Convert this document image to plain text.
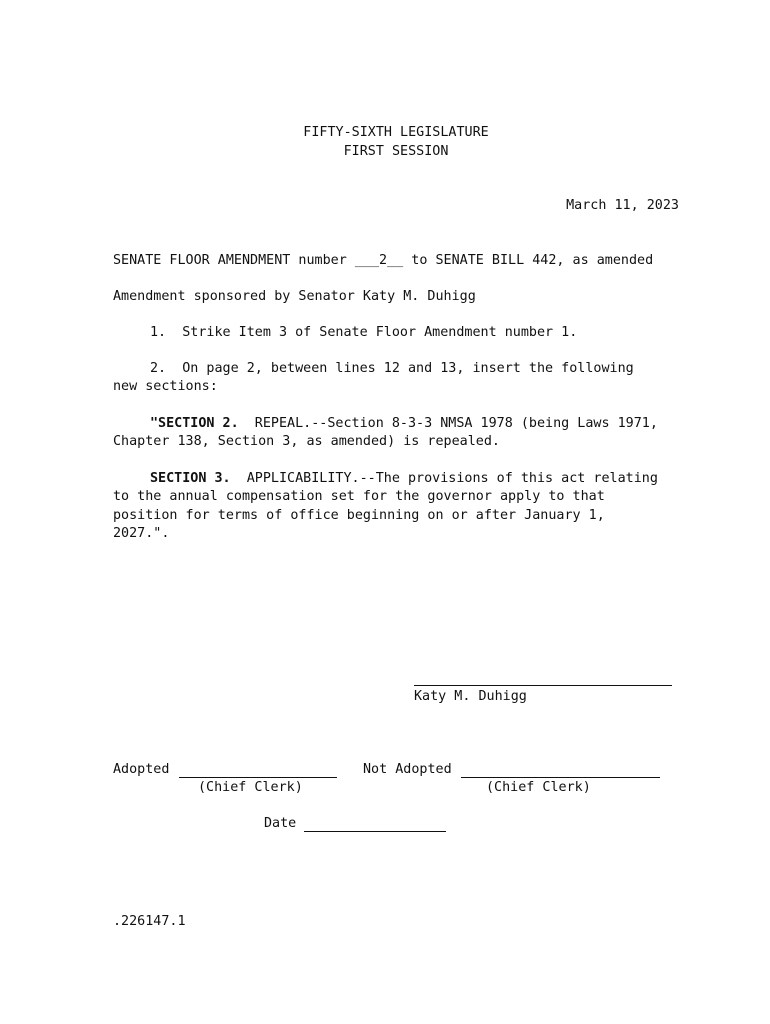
FIFTY-SIXTH LEGISLATURE
FIRST SESSION
March 11, 2023
SENATE FLOOR AMENDMENT number ___2__ to SENATE BILL 442, as amended
Amendment sponsored by Senator Katy M. Duhigg
1.  Strike Item 3 of Senate Floor Amendment number 1.
2.  On page 2, between lines 12 and 13, insert the following
new sections:
"SECTION 2.  REPEAL.--Section 8-3-3 NMSA 1978 (being Laws 1971,
Chapter 138, Section 3, as amended) is repealed.
SECTION 3.  APPLICABILITY.--The provisions of this act relating
to the annual compensation set for the governor apply to that
position for terms of office beginning on or after January 1,
2027.".
Katy M. Duhigg
Adopted
(Chief Clerk)
Not Adopted
(Chief Clerk)
Date
.226147.1
